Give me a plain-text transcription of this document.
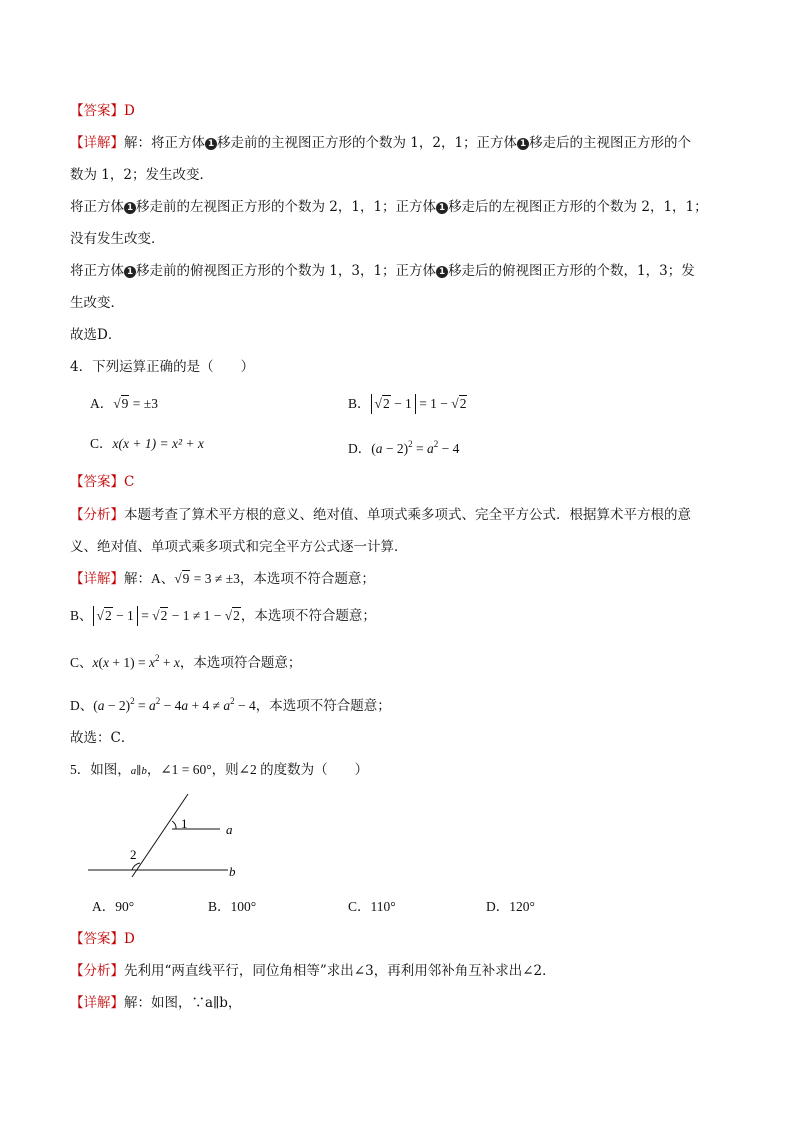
【答案】D
【详解】解：将正方体 1 移走前的主视图正方形的个数为 1，2，1；正方体 1 移走后的主视图正方形的个
数为 1，2；发生改变．
将正方体 1 移走前的左视图正方形的个数为 2，1，1；正方体 1 移走后的左视图正方形的个数为 2，1，1；
没有发生改变．
将正方体 1 移走前的俯视图正方形的个数为 1，3，1；正方体 1 移走后的俯视图正方形的个数，1，3；发
生改变．
故选D．
4．下列运算正确的是（　　）
A．√9 = ±3	B． √2 − 1 = 1 − √2
C．x(x + 1) = x² + x	D．$(a - 2)^2 = a^2 - 4$
【答案】C
【分析】本题考查了算术平方根的意义、绝对值、单项式乘多项式、完全平方公式．根据算术平方根的意
义、绝对值、单项式乘多项式和完全平方公式逐一计算．
【详解】解：A、√9 = 3 ≠ ±3，本选项不符合题意；
B、 √2 − 1 = √2 − 1 ≠ 1 − √2，本选项不符合题意；
C、$x(x + 1) = x^2 + x$，本选项符合题意；
D、$(a - 2)^2 = a^2 - 4a + 4 \ne a^2 - 4$，本选项不符合题意；
故选：C．
5．如图，a∥b，∠1 = 60°，则∠2 的度数为（　　）
1
2
a
b
A．90°	B．100°	C．110°	D．120°
【答案】D
【分析】先利用“两直线平行，同位角相等”求出∠3，再利用邻补角互补求出∠2．
【详解】解：如图，∵a∥b，
